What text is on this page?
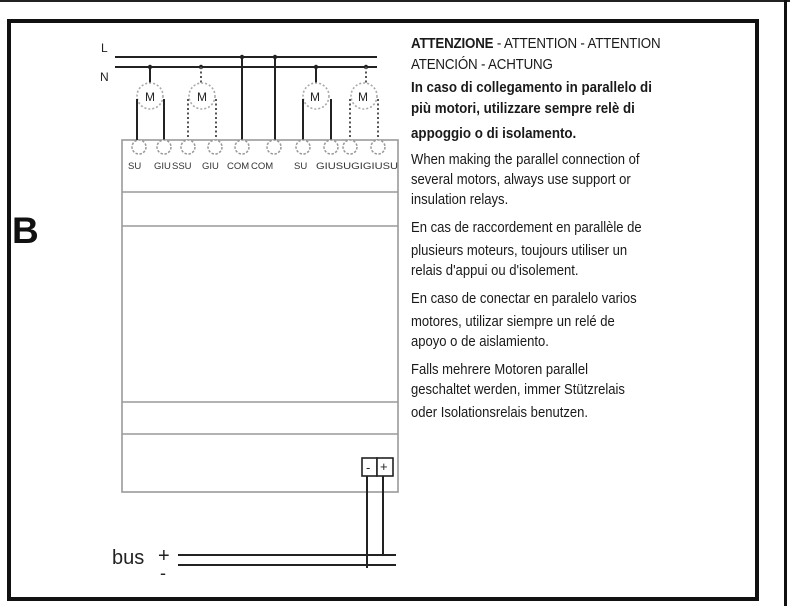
B
L
N
M	M	M	M
SU GIU SSU GIU COM COM SU GIUSUGIGIUSU
- +
bus +
-
ATTENZIONE - ATTENTION - ATTENTION
ATENCIÓN - ACHTUNG
In caso di collegamento in parallelo di
più motori, utilizzare sempre relè di
appoggio o di isolamento.
When making the parallel connection of
several motors, always use support or
insulation relays.
En cas de raccordement en parallèle de
plusieurs moteurs, toujours utiliser un
relais d'appui ou d'isolement.
En caso de conectar en paralelo varios
motores, utilizar siempre un relé de
apoyo o de aislamiento.
Falls mehrere Motoren parallel
geschaltet werden, immer Stützrelais
oder Isolationsrelais benutzen.
